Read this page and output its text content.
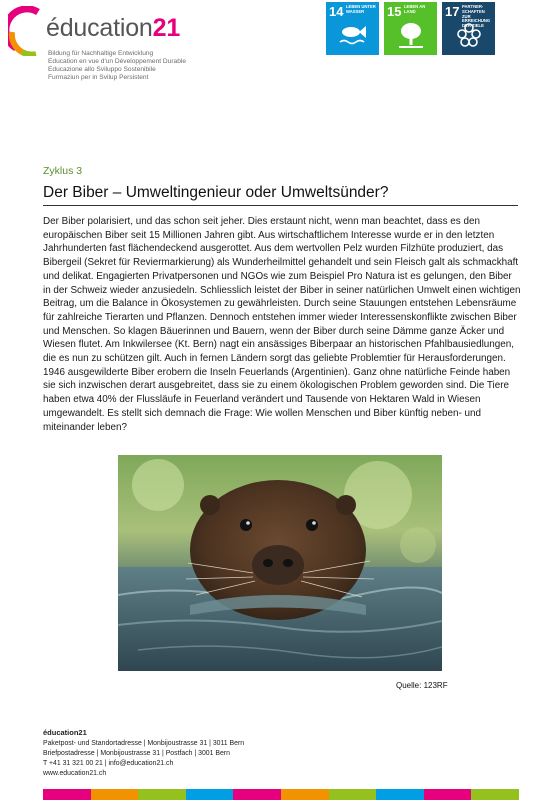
éducation21
Bildung für Nachhaltige Entwicklung
Education en vue d'un Développement Durable
Educazione allo Sviluppo Sostenibile
Furmaziun per in Svilup Persistent
14 LEBEN UNTER WASSER	15 LEBEN AN LAND	17 PARTNER-SCHAFTEN ZUR ERREICHUNG DER ZIELE
Zyklus 3
Der Biber – Umweltingenieur oder Umweltsünder?
Der Biber polarisiert, und das schon seit jeher. Dies erstaunt nicht, wenn man beachtet, dass es den europäischen Biber seit 15 Millionen Jahren gibt. Aus wirtschaftlichem Interesse wurde er in den letzten Jahrhunderten fast flächendeckend ausgerottet. Aus dem wertvollen Pelz wurden Filzhüte produziert, das Bibergeil (Sekret für Reviermarkierung) als Wunderheilmittel gehandelt und sein Fleisch galt als schmackhaft und delikat. Engagierten Privatpersonen und NGOs wie zum Beispiel Pro Natura ist es gelungen, den Biber in der Schweiz wieder anzusiedeln. Schliesslich leistet der Biber in seiner natürlichen Umwelt einen wichtigen Beitrag, um die Balance in Ökosystemen zu gewährleisten. Durch seine Stauungen entstehen Lebensräume für zahlreiche Tierarten und Pflanzen. Dennoch entstehen immer wieder Interessenskonflikte zwischen Biber und Menschen. So klagen Bäuerinnen und Bauern, wenn der Biber durch seine Dämme ganze Äcker und Wiesen flutet. Am Inkwilersee (Kt. Bern) nagt ein ansässiges Biberpaar an historischen Pfahlbausiedlungen, die es nun zu schützen gilt. Auch in fernen Ländern sorgt das geliebte Problemtier für Herausforderungen. 1946 ausgewilderte Biber erobern die Inseln Feuerlands (Argentinien). Ganz ohne natürliche Feinde haben sie sich inzwischen derart ausgebreitet, dass sie zu einem ökologischen Problem geworden sind. Die Tiere haben etwa 40% der Flussläufe in Feuerland verändert und Tausende von Hektaren Wald in Wiesen umgewandelt. Es stellt sich demnach die Frage: Wie wollen Menschen und Biber künftig neben- und miteinander leben?
Quelle: 123RF
éducation21
Paketpost- und Standortadresse | Monbijoustrasse 31 | 3011 Bern
Briefpostadresse | Monbijoustrasse 31 | Postfach | 3001 Bern
T +41 31 321 00 21 | info@education21.ch
www.education21.ch
